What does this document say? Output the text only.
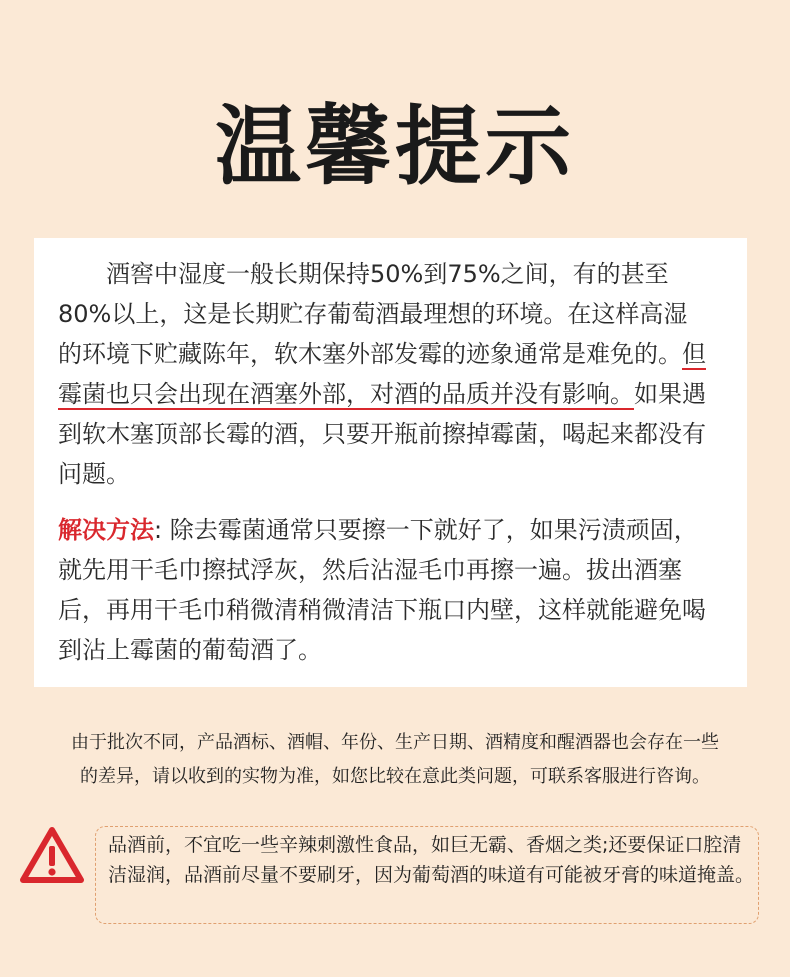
温馨提示

酒窖中湿度一般长期保持50%到75%之间，有的甚至80%以上，这是长期贮存葡萄酒最理想的环境。在这样高湿的环境下贮藏陈年，软木塞外部发霉的迹象通常是难免的。但霉菌也只会出现在酒塞外部，对酒的品质并没有影响。如果遇到软木塞顶部长霉的酒，只要开瓶前擦掉霉菌，喝起来都没有问题。

解决方法: 除去霉菌通常只要擦一下就好了，如果污渍顽固，就先用干毛巾擦拭浮灰，然后沾湿毛巾再擦一遍。拔出酒塞后，再用干毛巾稍微清稍微清洁下瓶口内壁，这样就能避免喝到沾上霉菌的葡萄酒了。

由于批次不同，产品酒标、酒帽、年份、生产日期、酒精度和醒酒器也会存在一些
的差异，请以收到的实物为准，如您比较在意此类问题，可联系客服进行咨询。

品酒前，不宜吃一些辛辣刺激性食品，如巨无霸、香烟之类;还要保证口腔清洁湿润，品酒前尽量不要刷牙，因为葡萄酒的味道有可能被牙膏的味道掩盖。
